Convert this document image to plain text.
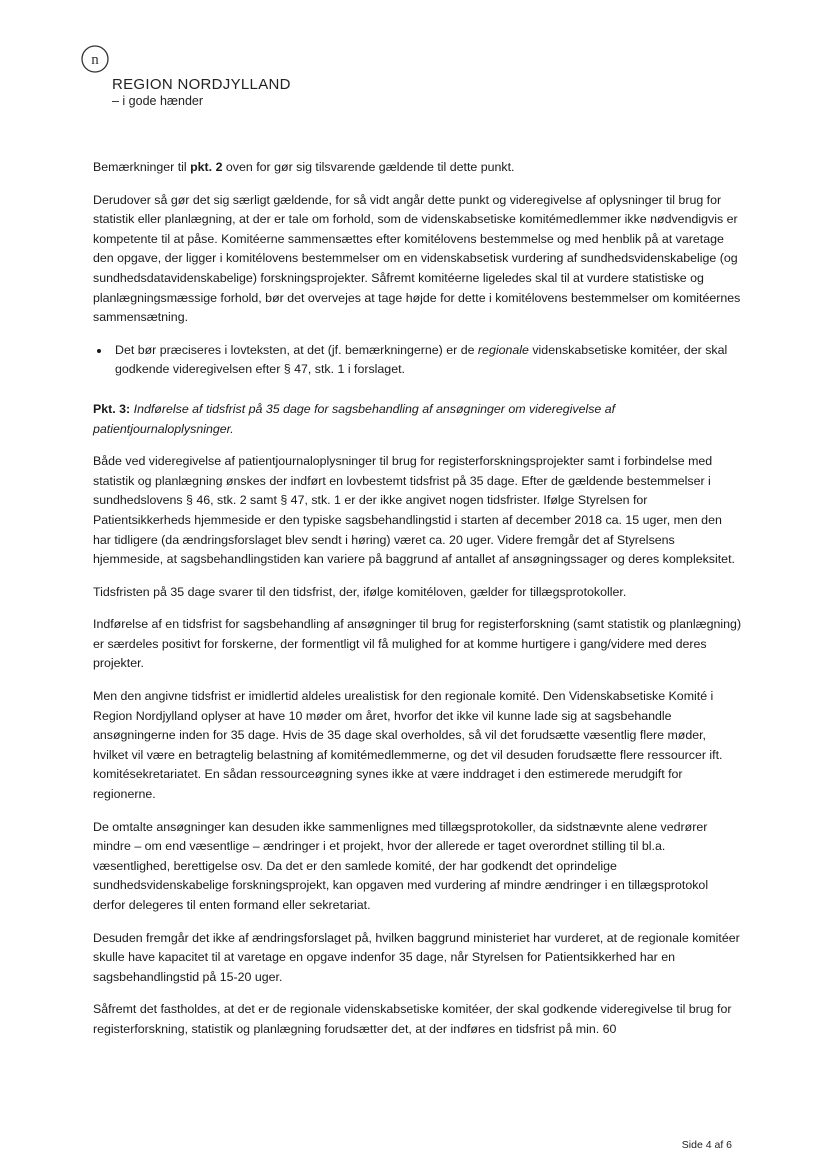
n
REGION NORDJYLLAND
– i gode hænder

Bemærkninger til pkt. 2 oven for gør sig tilsvarende gældende til dette punkt.

Derudover så gør det sig særligt gældende, for så vidt angår dette punkt og videregivelse af oplysninger til brug for statistik eller planlægning, at der er tale om forhold, som de videnskabsetiske komitémedlemmer ikke nødvendigvis er kompetente til at påse. Komitéerne sammensættes efter komitélovens bestemmelse og med henblik på at varetage den opgave, der ligger i komitélovens bestemmelser om en videnskabsetisk vurdering af sundhedsvidenskabelige (og sundhedsdatavidenskabelige) forskningsprojekter. Såfremt komitéerne ligeledes skal til at vurdere statistiske og planlægningsmæssige forhold, bør det overvejes at tage højde for dette i komitélovens bestemmelser om komitéernes sammensætning.

• Det bør præciseres i lovteksten, at det (jf. bemærkningerne) er de regionale videnskabsetiske komitéer, der skal godkende videregivelsen efter § 47, stk. 1 i forslaget.

Pkt. 3: Indførelse af tidsfrist på 35 dage for sagsbehandling af ansøgninger om videregivelse af patientjournaloplysninger.

Både ved videregivelse af patientjournaloplysninger til brug for registerforskningsprojekter samt i forbindelse med statistik og planlægning ønskes der indført en lovbestemt tidsfrist på 35 dage. Efter de gældende bestemmelser i sundhedslovens § 46, stk. 2 samt § 47, stk. 1 er der ikke angivet nogen tidsfrister. Ifølge Styrelsen for Patientsikkerheds hjemmeside er den typiske sagsbehandlingstid i starten af december 2018 ca. 15 uger, men den har tidligere (da ændringsforslaget blev sendt i høring) været ca. 20 uger. Videre fremgår det af Styrelsens hjemmeside, at sagsbehandlingstiden kan variere på baggrund af antallet af ansøgningssager og deres kompleksitet.

Tidsfristen på 35 dage svarer til den tidsfrist, der, ifølge komitéloven, gælder for tillægsprotokoller.

Indførelse af en tidsfrist for sagsbehandling af ansøgninger til brug for registerforskning (samt statistik og planlægning) er særdeles positivt for forskerne, der formentligt vil få mulighed for at komme hurtigere i gang/videre med deres projekter.

Men den angivne tidsfrist er imidlertid aldeles urealistisk for den regionale komité. Den Videnskabsetiske Komité i Region Nordjylland oplyser at have 10 møder om året, hvorfor det ikke vil kunne lade sig at sagsbehandle ansøgningerne inden for 35 dage. Hvis de 35 dage skal overholdes, så vil det forudsætte væsentlig flere møder, hvilket vil være en betragtelig belastning af komitémedlemmerne, og det vil desuden forudsætte flere ressourcer ift. komitésekretariatet. En sådan ressourceøgning synes ikke at være inddraget i den estimerede merudgift for regionerne.

De omtalte ansøgninger kan desuden ikke sammenlignes med tillægsprotokoller, da sidstnævnte alene vedrører mindre – om end væsentlige – ændringer i et projekt, hvor der allerede er taget overordnet stilling til bl.a. væsentlighed, berettigelse osv. Da det er den samlede komité, der har godkendt det oprindelige sundhedsvidenskabelige forskningsprojekt, kan opgaven med vurdering af mindre ændringer i en tillægsprotokol derfor delegeres til enten formand eller sekretariat.

Desuden fremgår det ikke af ændringsforslaget på, hvilken baggrund ministeriet har vurderet, at de regionale komitéer skulle have kapacitet til at varetage en opgave indenfor 35 dage, når Styrelsen for Patientsikkerhed har en sagsbehandlingstid på 15-20 uger.

Såfremt det fastholdes, at det er de regionale videnskabsetiske komitéer, der skal godkende videregivelse til brug for registerforskning, statistik og planlægning forudsætter det, at der indføres en tidsfrist på min. 60

Side 4 af 6
